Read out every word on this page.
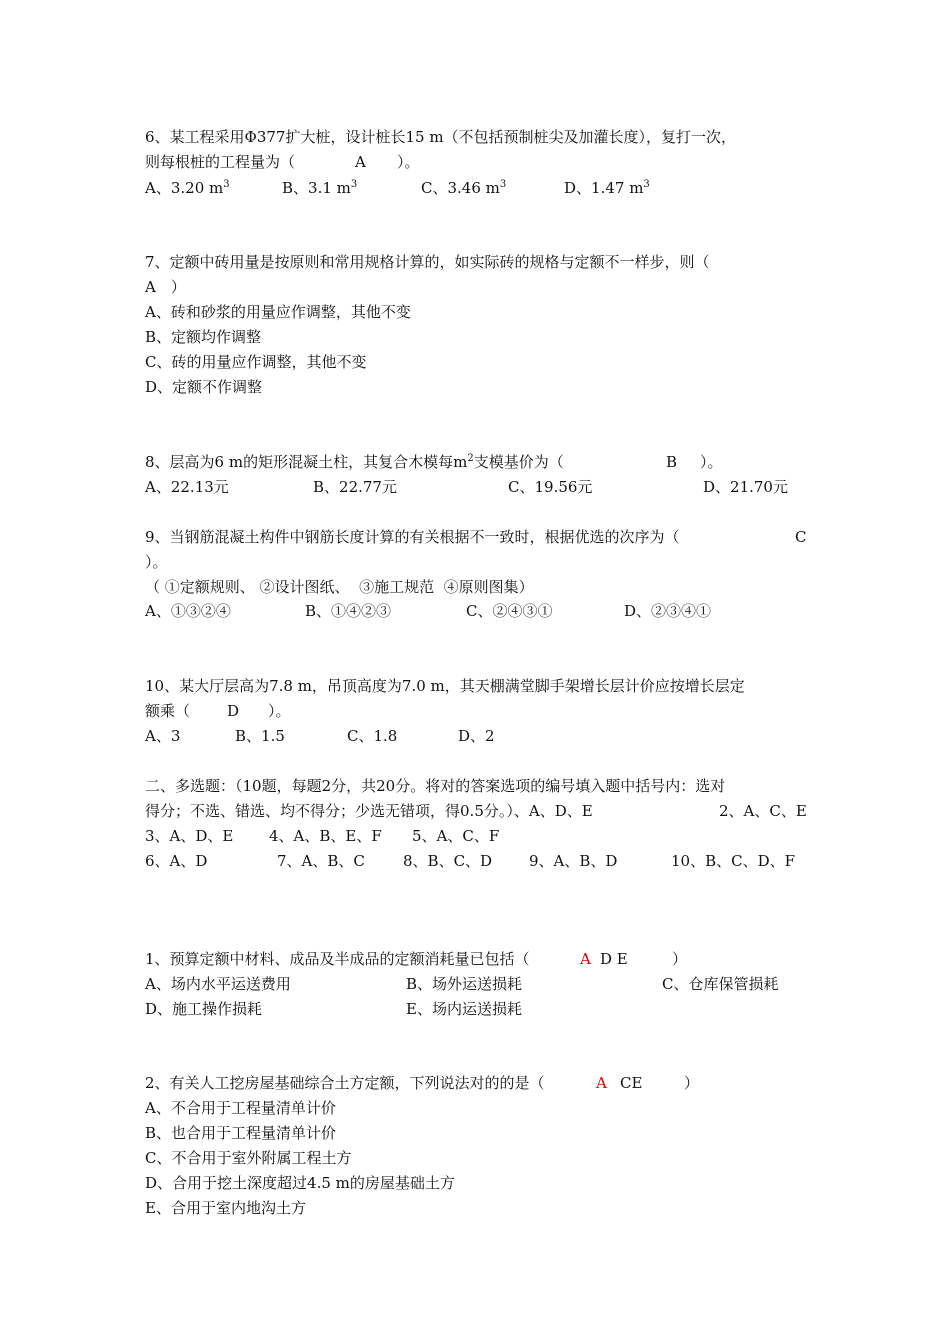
6、某工程采用Φ377扩大桩，设计桩长15 m（不包括预制桩尖及加灌长度），复打一次，
则每根桩的工程量为（	A ）。
A、3.20 $m^3$	B、3.1 $m^3$	C、3.46 $m^3$	D、1.47 $m^3$
7、定额中砖用量是按原则和常用规格计算的，如实际砖的规格与定额不一样步，则（
A　）
A、砖和砂浆的用量应作调整，其他不变
B、定额均作调整
C、砖的用量应作调整，其他不变
D、定额不作调整
8、层高为6 m的矩形混凝土柱，其复合木模每$m^2$支模基价为（	B ）。
A、22.13元	B、22.77元	C、19.56元	D、21.70元
9、当钢筋混凝土构件中钢筋长度计算的有关根据不一致时，根据优选的次序为（	C
）。
（ ①定额规则、 ②设计图纸、  ③施工规范  ④原则图集）
A、①③②④	B、①④②③	C、②④③①	D、②③④①
10、某大厅层高为7.8 m，吊顶高度为7.0 m，其天棚满堂脚手架增长层计价应按增长层定
额乘（ D ）。
A、3	B、1.5	C、1.8	D、2
二、多选题：（10题，每题2分，共20分。将对的答案选项的编号填入题中括号内：选对
得分；不选、错选、均不得分；少选无错项，得0.5分。）、A、D、E	2、A、C、E
3、A、D、E 4、A、B、E、F 5、A、C、F
6、A、D	7、A、B、C	8、B、C、D 9、A、B、D	10、B、C、D、F
1、预算定额中材料、成品及半成品的定额消耗量已包括（	A D E	）
A、场内水平运送费用	B、场外运送损耗	C、仓库保管损耗
D、施工操作损耗	E、场内运送损耗
2、有关人工挖房屋基础综合土方定额，下列说法对的的是（	A CE	）
A、不合用于工程量清单计价
B、也合用于工程量清单计价
C、不合用于室外附属工程土方
D、合用于挖土深度超过4.5 m的房屋基础土方
E、合用于室内地沟土方
